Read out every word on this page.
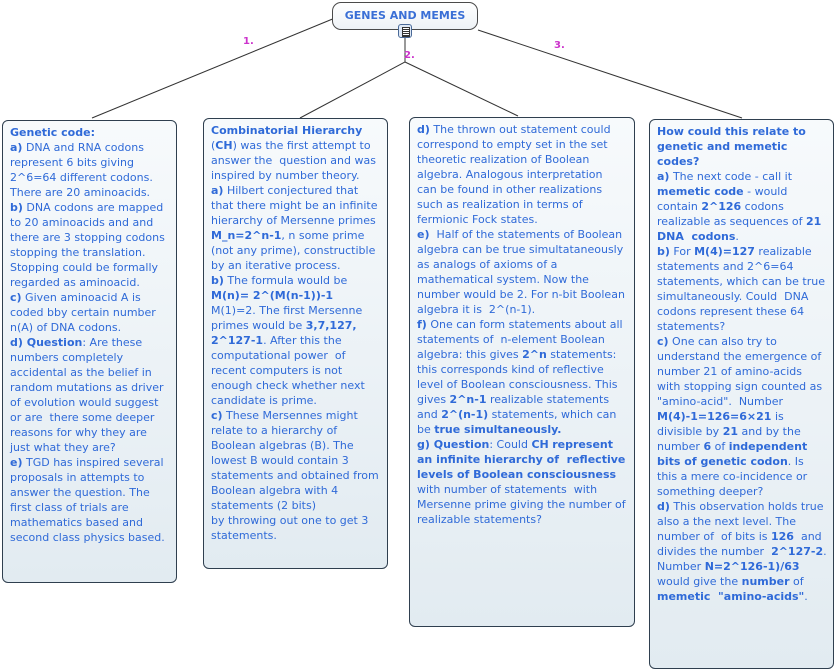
GENES AND MEMES
1.
2.
3.
Genetic code:
a) DNA and RNA codons represent 6 bits giving 2^6=64 different codons. There are 20 aminoacids.
b) DNA codons are mapped to 20 aminoacids and and there are 3 stopping codons stopping the translation. Stopping could be formally regarded as aminoacid.
c) Given aminoacid A is coded bby certain number n(A) of DNA codons.
d) Question: Are these numbers completely accidental as the belief in random mutations as driver of evolution would suggest or are  there some deeper reasons for why they are just what they are?
e) TGD has inspired several proposals in attempts to answer the question. The first class of trials are mathematics based and second class physics based.
Combinatorial Hierarchy (CH) was the first attempt to answer the  question and was inspired by number theory.
a) Hilbert conjectured that that there might be an infinite hierarchy of Mersenne primes M_n=2^n-1, n some prime (not any prime), constructible by an iterative process.
b) The formula would be M(n)= 2^(M(n-1))-1 M(1)=2. The first Mersenne primes would be 3,7,127, 2^127-1. After this the computational power  of recent computers is not  enough check whether next candidate is prime.
c) These Mersennes might relate to a hierarchy of Boolean algebras (B). The lowest B would contain 3 statements and obtained from Boolean algebra with 4 statements (2 bits)
by throwing out one to get 3 statements.
d) The thrown out statement could correspond to empty set in the set theoretic realization of Boolean algebra. Analogous interpretation
can be found in other realizations such as realization in terms of fermionic Fock states.
e)  Half of the statements of Boolean algebra can be true simultataneously as analogs of axioms of a mathematical system. Now the number would be 2. For n-bit Boolean algebra it is  2^(n-1).
f) One can form statements about all statements of  n-element Boolean algebra: this gives 2^n statements: this corresponds kind of reflective level of Boolean consciousness. This gives 2^n-1 realizable statements and 2^(n-1) statements, which can be true simultaneously.
g) Question: Could CH represent an infinite hierarchy of  reflective levels of Boolean consciousness with number of statements  with Mersenne prime giving the number of realizable statements?
How could this relate to genetic and memetic codes?
a) The next code - call it  memetic code - would contain 2^126 codons realizable as sequences of 21 DNA  codons.
b) For M(4)=127 realizable statements and 2^6=64 statements, which can be true simultaneously. Could  DNA codons represent these 64 statements?
c) One can also try to understand the emergence of number 21 of amino-acids with stopping sign counted as "amino-acid".  Number M(4)-1=126=6×21 is divisible by 21 and by the number 6 of independent bits of genetic codon. Is this a mere co-incidence or something deeper?
d) This observation holds true also a the next level. The number of  of bits is 126  and divides the number  2^127-2. Number N=2^126-1)/63 would give the number of memetic  "amino-acids".
